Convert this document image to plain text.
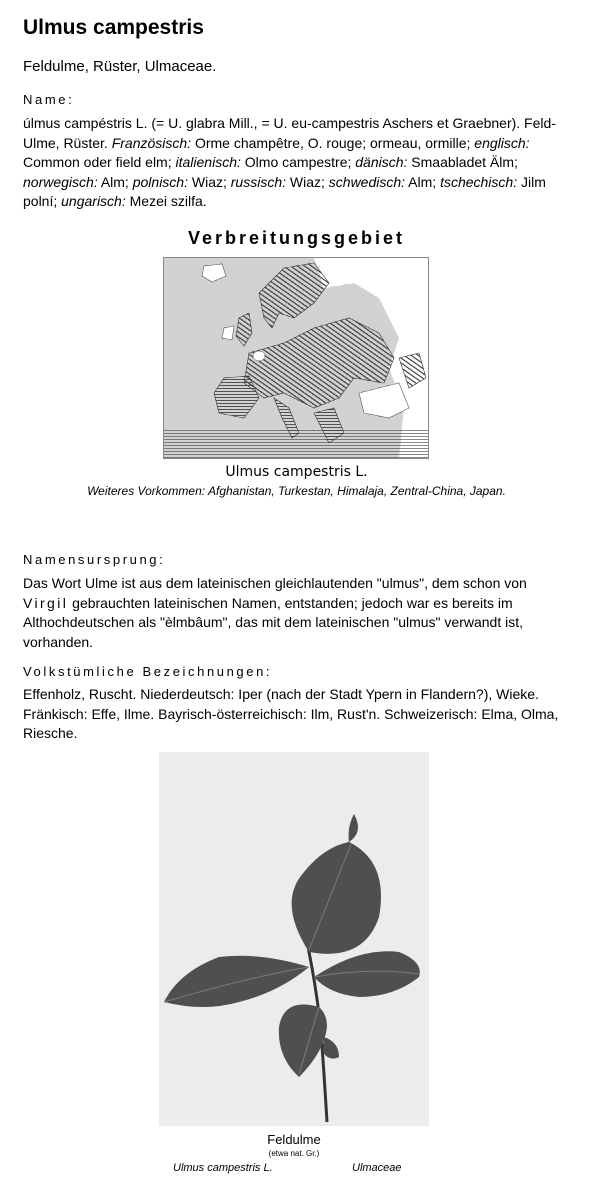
Ulmus campestris
Feldulme, Rüster, Ulmaceae.
Name:
úlmus campéstris L. (= U. glabra Mill., = U. eu-campestris Aschers et Graebner). Feld-Ulme, Rüster. Französisch: Orme champêtre, O. rouge; ormeau, ormille; englisch: Common oder field elm; italienisch: Olmo campestre; dänisch: Smaabladet Älm; norwegisch: Alm; polnisch: Wiaz; russisch: Wiaz; schwedisch: Alm; tschechisch: Jilm polní; ungarisch: Mezei szilfa.
Verbreitungsgebiet
Ulmus campestris L.
Weiteres Vorkommen: Afghanistan, Turkestan, Himalaja, Zentral-China, Japan.
Namensursprung:
Das Wort Ulme ist aus dem lateinischen gleichlautenden "ulmus", dem schon von Virgil gebrauchten lateinischen Namen, entstanden; jedoch war es bereits im Althochdeutschen als "èlmbâum", das mit dem lateinischen "ulmus" verwandt ist, vorhanden.
Volkstümliche Bezeichnungen:
Effenholz, Ruscht. Niederdeutsch: Iper (nach der Stadt Ypern in Flandern?), Wieke. Fränkisch: Effe, Ilme. Bayrisch-österreichisch: Ilm, Rust'n. Schweizerisch: Elma, Olma, Riesche.
Feldulme
(etwa nat. Gr.)
Ulmus campestris L.	Ulmaceae
